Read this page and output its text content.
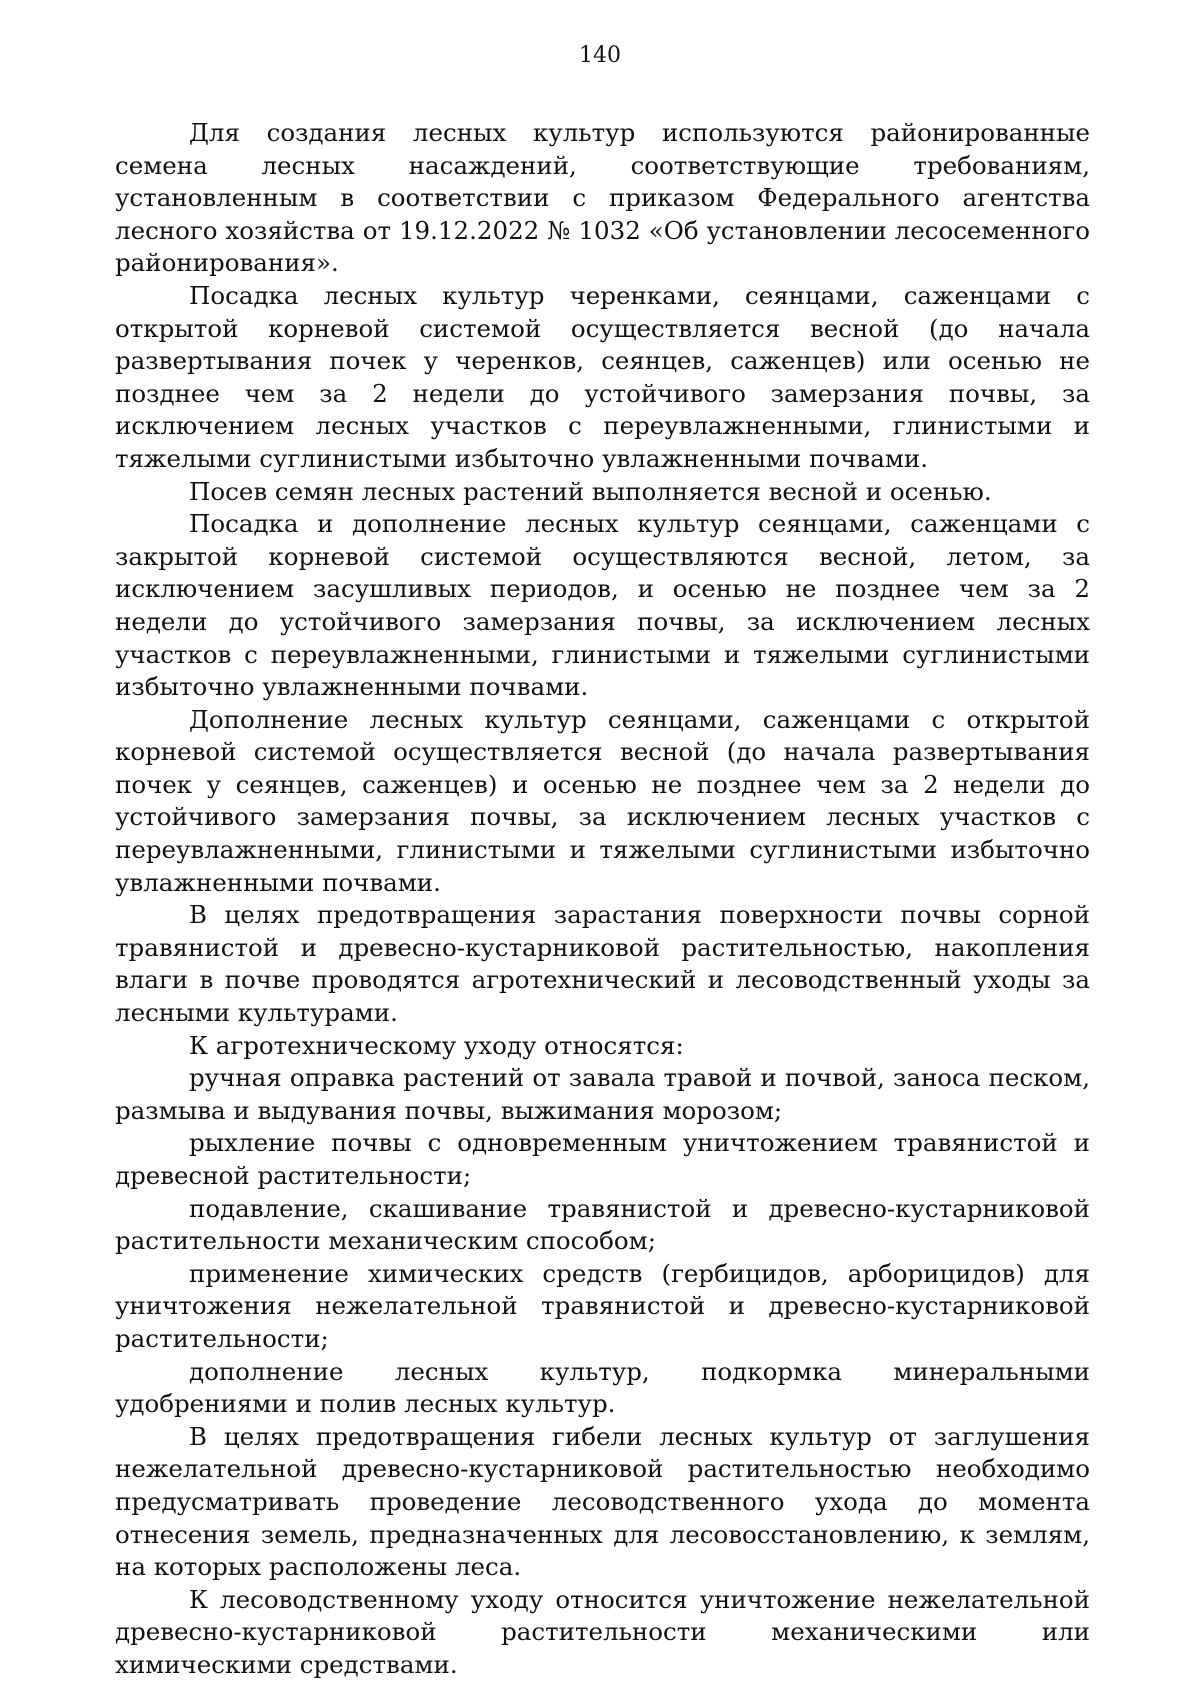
140

Для создания лесных культур используются районированные семена лесных насаждений, соответствующие требованиям, установленным в соответствии с приказом Федерального агентства лесного хозяйства от 19.12.2022 № 1032 «Об установлении лесосеменного районирования».

Посадка лесных культур черенками, сеянцами, саженцами с открытой корневой системой осуществляется весной (до начала развертывания почек у черенков, сеянцев, саженцев) или осенью не позднее чем за 2 недели до устойчивого замерзания почвы, за исключением лесных участков с переувлажненными, глинистыми и тяжелыми суглинистыми избыточно увлажненными почвами.

Посев семян лесных растений выполняется весной и осенью.

Посадка и дополнение лесных культур сеянцами, саженцами с закрытой корневой системой осуществляются весной, летом, за исключением засушливых периодов, и осенью не позднее чем за 2 недели до устойчивого замерзания почвы, за исключением лесных участков с переувлажненными, глинистыми и тяжелыми суглинистыми избыточно увлажненными почвами.

Дополнение лесных культур сеянцами, саженцами с открытой корневой системой осуществляется весной (до начала развертывания почек у сеянцев, саженцев) и осенью не позднее чем за 2 недели до устойчивого замерзания почвы, за исключением лесных участков с переувлажненными, глинистыми и тяжелыми суглинистыми избыточно увлажненными почвами.

В целях предотвращения зарастания поверхности почвы сорной травянистой и древесно-кустарниковой растительностью, накопления влаги в почве проводятся агротехнический и лесоводственный уходы за лесными культурами.

К агротехническому уходу относятся:

ручная оправка растений от завала травой и почвой, заноса песком, размыва и выдувания почвы, выжимания морозом;

рыхление почвы с одновременным уничтожением травянистой и древесной растительности;

подавление, скашивание травянистой и древесно-кустарниковой растительности механическим способом;

применение химических средств (гербицидов, арборицидов) для уничтожения нежелательной травянистой и древесно-кустарниковой растительности;

дополнение лесных культур, подкормка минеральными удобрениями и полив лесных культур.

В целях предотвращения гибели лесных культур от заглушения нежелательной древесно-кустарниковой растительностью необходимо предусматривать проведение лесоводственного ухода до момента отнесения земель, предназначенных для лесовосстановлению, к землям, на которых расположены леса.

К лесоводственному уходу относится уничтожение нежелательной древесно-кустарниковой растительности механическими или химическими средствами.
